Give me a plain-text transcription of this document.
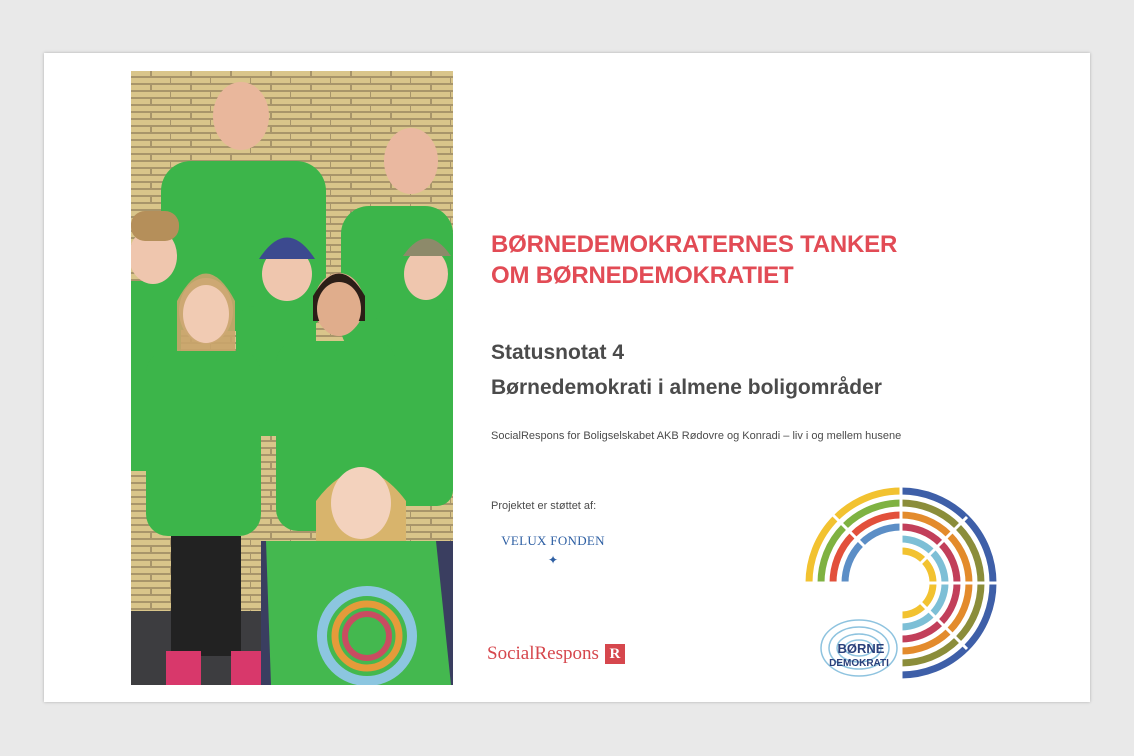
BØRNEDEMOKRATERNES TANKER
OM BØRNEDEMOKRATIET
Statusnotat 4
Børnedemokrati i almene boligområder
SocialRespons for Boligselskabet AKB Rødovre og Konradi – liv i og mellem husene
Projektet er støttet af:
VELUX FONDEN
✦
SocialRespons R	BØRNE
DEMOKRATI
